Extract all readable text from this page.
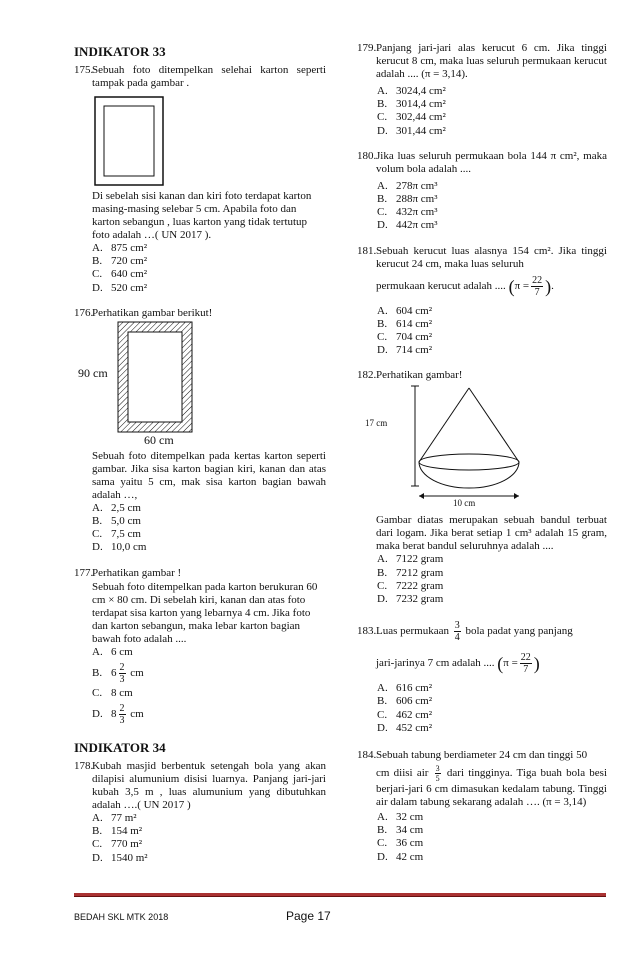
INDIKATOR 33
175.
Sebuah foto ditempelkan selehai karton seperti tampak pada gambar .
Di sebelah sisi kanan dan kiri foto terdapat karton masing-masing selebar 5 cm. Apabila foto dan karton sebangun , luas karton yang tidak tertutup foto adalah …( UN 2017 ).
A. 875 cm²
B. 720 cm²
C. 640 cm²
D. 520 cm²
176.
Perhatikan gambar berikut!
90 cm
60 cm
Sebuah foto ditempelkan pada kertas karton seperti gambar. Jika sisa karton bagian kiri, kanan dan atas sama yaitu 5 cm, mak sisa karton bagian bawah adalah …,
A. 2,5 cm
B. 5,0 cm
C. 7,5 cm
D. 10,0 cm
177.
Perhatikan gambar !
Sebuah foto ditempelkan pada karton berukuran 60 cm × 80 cm. Di sebelah kiri, kanan dan atas foto terdapat sisa karton yang lebarnya 4 cm. Jika foto dan karton sebangun, maka lebar karton bagian bawah foto adalah ....
A. 6 cm
B. $6 \frac{2}{3}$ cm
C. 8 cm
D. $8 \frac{2}{3}$ cm
INDIKATOR 34
178.
Kubah masjid berbentuk setengah bola yang akan dilapisi alumunium disisi luarnya. Panjang jari-jari kubah 3,5 m , luas alumunium yang dibutuhkan adalah ….( UN 2017 )
A. 77 m²
B. 154 m²
C. 770 m²
D. 1540 m²
179. Panjang jari-jari alas kerucut 6 cm. Jika tinggi kerucut 8 cm, maka luas seluruh permukaan kerucut adalah .... (π = 3,14).
A. 3024,4 cm²
B. 3014,4 cm²
C. 302,44 cm²
D. 301,44 cm²
180. Jika luas seluruh permukaan bola 144 π cm², maka volum bola adalah ....
A. 278π cm³
B. 288π cm³
C. 432π cm³
D. 442π cm³
181. Sebuah kerucut luas alasnya 154 cm². Jika tinggi kerucut 24 cm, maka luas seluruh
permukaan kerucut adalah .... ($\pi = \frac{22}{7}$ ).
A. 604 cm²
B. 614 cm²
C. 704 cm²
D. 714 cm²
182. Perhatikan gambar!
17 cm
10 cm
Gambar diatas merupakan sebuah bandul terbuat dari logam. Jika berat setiap 1 cm³ adalah 15 gram, maka berat bandul seluruhnya adalah ....
A. 7122 gram
B. 7212 gram
C. 7222 gram
D. 7232 gram
183. Luas permukaan $\frac{3}{4}$ bola padat yang panjang
jari-jarinya 7 cm adalah .... ($\pi = \frac{22}{7}$ )
A. 616 cm²
B. 606 cm²
C. 462 cm²
D. 452 cm²
184. Sebuah tabung berdiameter 24 cm dan tinggi 50
cm diisi air $\frac{3}{5}$ dari tingginya. Tiga buah bola besi berjari-jari 6 cm dimasukan kedalam tabung. Tinggi air dalam tabung sekarang adalah …. (π = 3,14)
A. 32 cm
B. 34 cm
C. 36 cm
D. 42 cm
BEDAH SKL MTK 2018	Page 17
